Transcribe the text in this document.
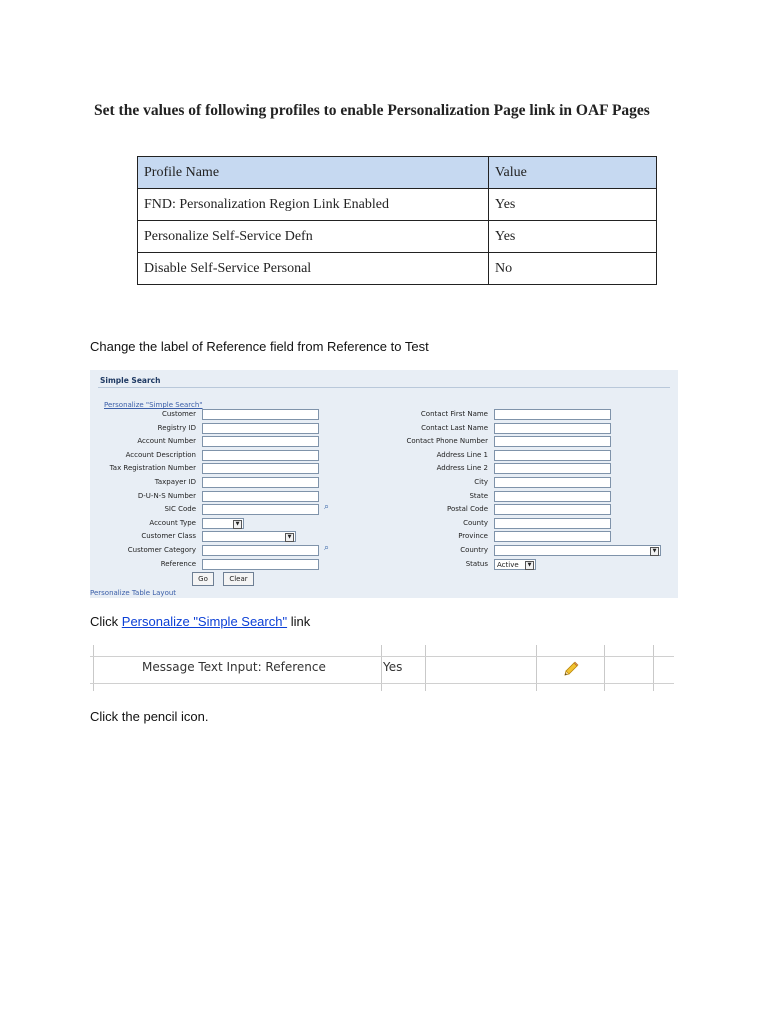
Set the values of following profiles to enable Personalization Page link in OAF Pages
Profile Name	Value
FND: Personalization Region Link Enabled	Yes
Personalize Self-Service Defn	Yes
Disable Self-Service Personal	No

Change the label of Reference field from Reference to Test

Simple Search
Personalize "Simple Search"
Customer	Contact First Name
Registry ID	Contact Last Name
Account Number	Contact Phone Number
Account Description	Address Line 1
Tax Registration Number	Address Line 2
Taxpayer ID	City
D-U-N-S Number	State
SIC Code	⌕	Postal Code
Account Type	▼	County
Customer Class	▼	Province
Customer Category	⌕	Country	▼
Reference	Status Active	▼
Go	Clear
Personalize Table Layout

Click Personalize "Simple Search" link

Message Text Input: Reference	Yes

Click the pencil icon.
